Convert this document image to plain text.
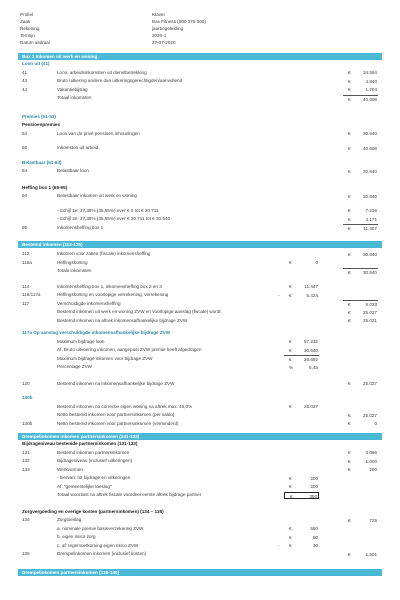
Profiel	Klaver
Zaak	Bax Fitness (000 275 500)
Rekening	jaarbegeleiding
Termijn	2020-1
Datum uitdraai	27-07-2020
Box 1 Inkomen uit werk en woning
Loon uit (41)
41	Loon, arbeidsinkomsten uit dienstbetrekking	€	34.564
43	Bruto uitkering andere dan uitkeringsgerechtigden/aanvullend	€	4.840
44	Vakantiebijslag	€	1.204
Totaal inkomsten	€	40.608
Premies (51-53)
Pensioenpremies
54	Loon van de privé pensioen inhoudingen	€	30.540
56	Inkomsten uit arbeid	€	40.608
Belastbaar (61-64)
64	Belastbaar loon	€	30.540
Heffing box 1 (65-95)
94	Belastbaar inkomen uit werk en woning	€	30.540
- Schijf 1e: 37,35% (35,65%) over € 0 tot € 20.711	€	7.236
- Schijf 2e: 37,35% (35,65%) over € 20.711 tot € 30.540	€	4.171
95	Inkomensheffing box 1	€	11.407
Bestemd inkomen (112-125)
112	Inkomen voor zaken (fiscale) inkomensheffing	€	30.540
116a	Heffingskorting	€	0
Totale inkomsten	€	30.540
114	Inkomensheffing box 1, inkomensheffing box 2 en 3	€	11.447
116/117a	Heffingskorting en voorlopige verrekening, verrekening	- €	5.424
117	Verschuldigde inkomensheffing	€	6.023
Bestemd inkomen uit werk en woning ZVW en voorlopige aanslag (fiscale) wordt	€	25.027
Bestemd inkomen na aftrek inkomensafhankelijke bijdrage ZVW	€	25.021
117a Op aanslag verschuldigde inkomensafhankelijke bijdrage ZVW
Maximum bijdrage loon	€	57.232
Af: Bruto uitvoering inkomen, aangepast ZVW premie heeft afgedragen	€	30.540
Maximum bijdrage inkomen voor bijdrage ZVW	€	26.692
Percentage ZVW	%	5,45
120	Bestemd inkomen na inkomensafhankelijke bijdrage ZVW	€	25.027
130b
Bestemd inkomen na correctie eigen woning na aftrek max. 46,0%	€	25.027
Netto bestemd inkomen voor partnersinkomen (per saldo)	€	25.027
130b	Netto bestemd inkomen voor partnersinkomen (verminderd)	€	0
Drempelinkomen inkomen partnersinkomen (131-133)
Bijdrageniveau bestemde partnersinkomen (131-133)
131	Bestemd inkomen partnersinkomen	€	3.096
132	Bijdrageniveau (inclusief uitkeringen)	€	1.000
133	Werkvormen	€	200
- hiervan: tot bijdrage en uitkeringen	€	200
Af: "gemeentelijke toeslag"	€	200
Totaal woonlast na aftrek fiscale voordeel eerste aftrek bijdrage partner	€	350
Zorgvergoeding en overige kosten (partnersinkomen) (134 – 135)
134	Zorgtoeslag	€	725
a. nominale premie basisverzekering ZVW	€	590
b. eigen risico zorg	€	50
c. af: tegemoetkoming eigen risico ZVW	- €	30
135	Drempelinkomen inkomen (inclusief kosten)	€	1.501
Drempelinkomen partnersinkomen (136-140)
